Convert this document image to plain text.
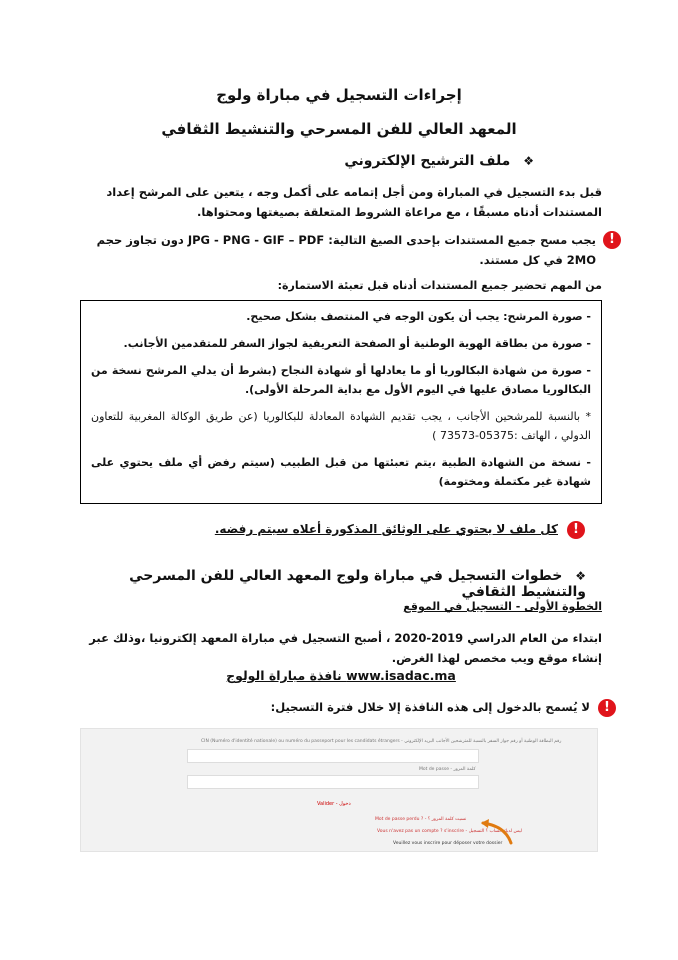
إجراءات التسجيل في مباراة ولوج
المعهد العالي للفن المسرحي والتنشيط الثقافي
❖ ملف الترشيح الإلكتروني
قبل بدء التسجيل في المباراة ومن أجل إتمامه على أكمل وجه ، يتعين على المرشح إعداد المستندات أدناه مسبقًا ، مع مراعاة الشروط المتعلقة بصيغتها ومحتواها.
!
يجب مسح جميع المستندات بإحدى الصيغ التالية: JPG - PNG - GIF – PDF دون تجاوز حجم 2MO في كل مستند.
من المهم تحضير جميع المستندات أدناه قبل تعبئة الاستمارة:

- صورة المرشح: يجب أن يكون الوجه في المنتصف بشكل صحيح.

- صورة من بطاقة الهوية الوطنية أو الصفحة التعريفية لجواز السفر للمتقدمين الأجانب.

- صورة من شهادة البكالوريا أو ما يعادلها أو شهادة النجاح (بشرط أن يدلي المرشح نسخة من البكالوريا مصادق عليها في اليوم الأول مع بداية المرحلة الأولى).

* بالنسبة للمرشحين الأجانب ، يجب تقديم الشهادة المعادلة للبكالوريا (عن طريق الوكالة المغربية للتعاون الدولي ، الهاتف :05375-73573 )

- نسخة من الشهادة الطبية ،يتم تعبئتها من قبل الطبيب (سيتم رفض أي ملف يحتوي على شهادة غير مكتملة ومختومة)

!
كل ملف لا يحتوي على الوثائق المذكورة أعلاه سيتم رفضه.
❖ خطوات التسجيل في مباراة ولوج المعهد العالي للفن المسرحي والتنشيط الثقافي
الخطوة الأولى - التسجيل في الموقع
ابتداء من العام الدراسي 2019-2020 ، أصبح التسجيل في مباراة المعهد إلكترونيا ،وذلك عبر إنشاء موقع ويب مخصص لهذا الغرض.
www.isadac.ma نافذة مباراة الولوج
!
لا يُسمح بالدخول إلى هذه النافذة إلا خلال فترة التسجيل:
CIN (Numéro d'identité nationale) ou numéro du passeport pour les candidats étrangers - رقم البطاقة الوطنية أو رقم جواز السفر بالنسبة للمترشحين الأجانب البريد الإلكتروني
Mot de passe - كلمة المرور
Valider - دخول
Mot de passe perdu ? - نسيت كلمة المرور ؟
Vous n'avez pas un compte ? s'inscrire - ليس لديك حساب ؟ التسجيل
Veuillez vous inscrire pour déposer votre dossier
